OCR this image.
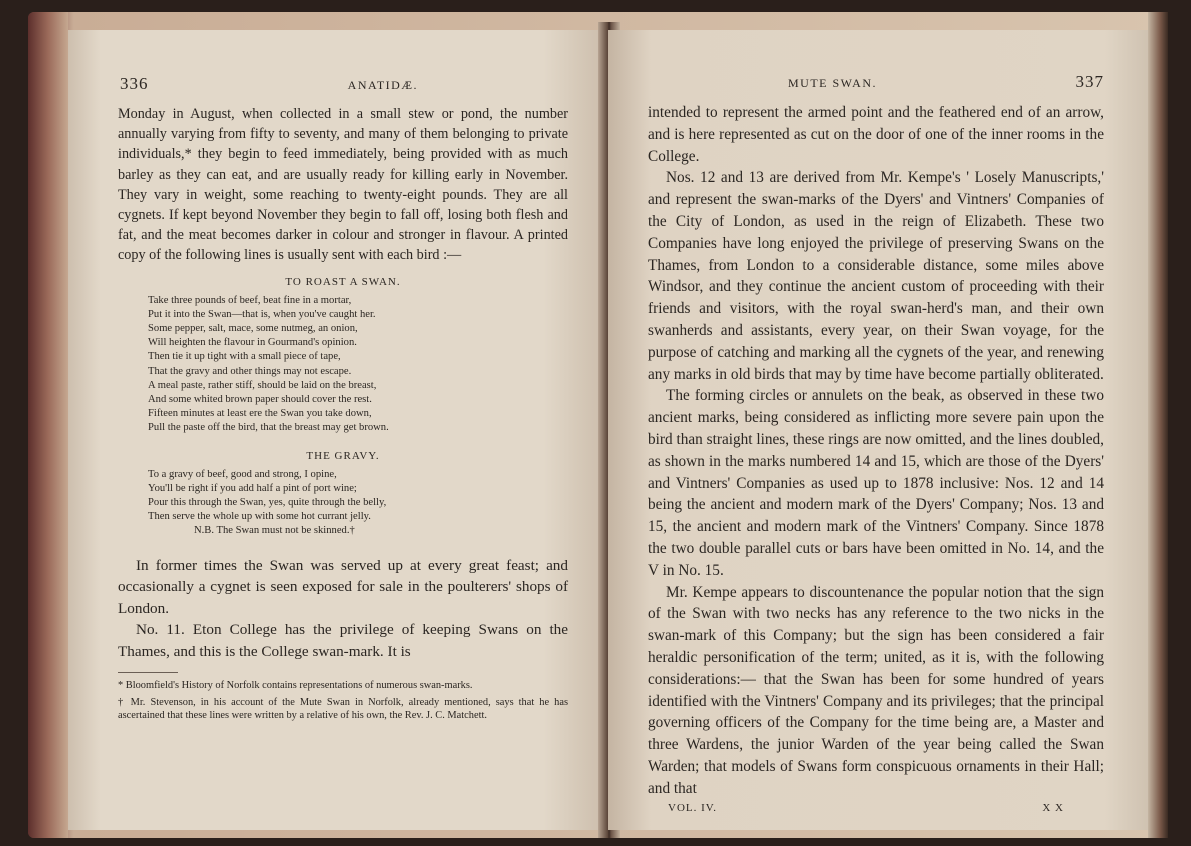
336	ANATIDÆ.

Monday in August, when collected in a small stew or pond, the number annually varying from fifty to seventy, and many of them belonging to private individuals,* they begin to feed immediately, being provided with as much barley as they can eat, and are usually ready for killing early in November. They vary in weight, some reaching to twenty-eight pounds. They are all cygnets. If kept beyond November they begin to fall off, losing both flesh and fat, and the meat becomes darker in colour and stronger in flavour. A printed copy of the following lines is usually sent with each bird :—

TO ROAST A SWAN.
Take three pounds of beef, beat fine in a mortar,
Put it into the Swan—that is, when you've caught her.
Some pepper, salt, mace, some nutmeg, an onion,
Will heighten the flavour in Gourmand's opinion.
Then tie it up tight with a small piece of tape,
That the gravy and other things may not escape.
A meal paste, rather stiff, should be laid on the breast,
And some whited brown paper should cover the rest.
Fifteen minutes at least ere the Swan you take down,
Pull the paste off the bird, that the breast may get brown.
THE GRAVY.
To a gravy of beef, good and strong, I opine,
You'll be right if you add half a pint of port wine;
Pour this through the Swan, yes, quite through the belly,
Then serve the whole up with some hot currant jelly.
N.B. The Swan must not be skinned.†

In former times the Swan was served up at every great feast; and occasionally a cygnet is seen exposed for sale in the poulterers' shops of London.

No. 11. Eton College has the privilege of keeping Swans on the Thames, and this is the College swan-mark. It is

* Bloomfield's History of Norfolk contains representations of numerous swan-marks.

† Mr. Stevenson, in his account of the Mute Swan in Norfolk, already mentioned, says that he has ascertained that these lines were written by a relative of his own, the Rev. J. C. Matchett.

MUTE SWAN.	337

intended to represent the armed point and the feathered end of an arrow, and is here represented as cut on the door of one of the inner rooms in the College.

Nos. 12 and 13 are derived from Mr. Kempe's ' Losely Manuscripts,' and represent the swan-marks of the Dyers' and Vintners' Companies of the City of London, as used in the reign of Elizabeth. These two Companies have long enjoyed the privilege of preserving Swans on the Thames, from London to a considerable distance, some miles above Windsor, and they continue the ancient custom of proceeding with their friends and visitors, with the royal swan-herd's man, and their own swanherds and assistants, every year, on their Swan voyage, for the purpose of catching and marking all the cygnets of the year, and renewing any marks in old birds that may by time have become partially obliterated.

The forming circles or annulets on the beak, as observed in these two ancient marks, being considered as inflicting more severe pain upon the bird than straight lines, these rings are now omitted, and the lines doubled, as shown in the marks numbered 14 and 15, which are those of the Dyers' and Vintners' Companies as used up to 1878 inclusive: Nos. 12 and 14 being the ancient and modern mark of the Dyers' Company; Nos. 13 and 15, the ancient and modern mark of the Vintners' Company. Since 1878 the two double parallel cuts or bars have been omitted in No. 14, and the V in No. 15.

Mr. Kempe appears to discountenance the popular notion that the sign of the Swan with two necks has any reference to the two nicks in the swan-mark of this Company; but the sign has been considered a fair heraldic personification of the term; united, as it is, with the following considerations:— that the Swan has been for some hundred of years identified with the Vintners' Company and its privileges; that the principal governing officers of the Company for the time being are, a Master and three Wardens, the junior Warden of the year being called the Swan Warden; that models of Swans form conspicuous ornaments in their Hall; and that

VOL. IV.	X X
